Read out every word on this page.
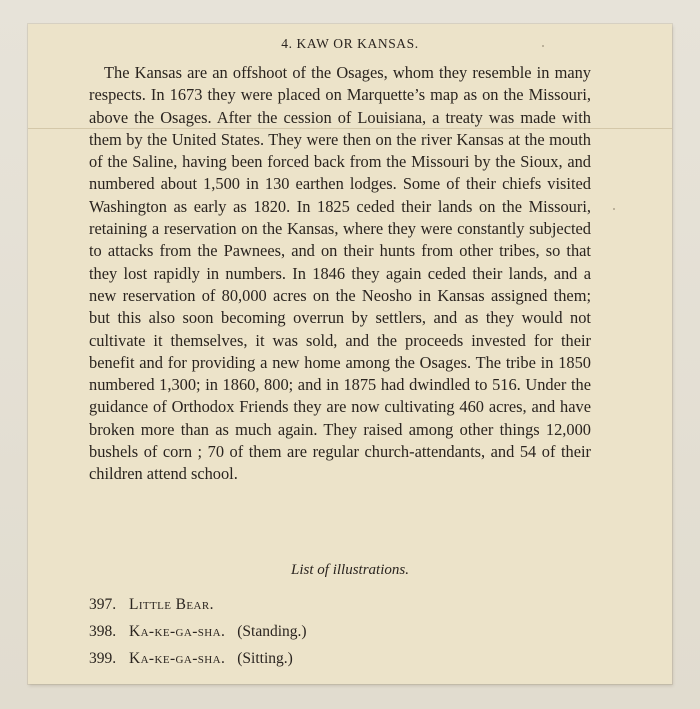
4. KAW OR KANSAS.

The Kansas are an offshoot of the Osages, whom they resemble in many respects. In 1673 they were placed on Marquette’s map as on the Missouri, above the Osages. After the cession of Louisiana, a treaty was made with them by the United States. They were then on the river Kansas at the mouth of the Saline, having been forced back from the Missouri by the Sioux, and numbered about 1,500 in 130 earthen lodges. Some of their chiefs visited Washington as early as 1820. In 1825 ceded their lands on the Missouri, retaining a reservation on the Kansas, where they were constantly subjected to attacks from the Pawnees, and on their hunts from other tribes, so that they lost rapidly in numbers. In 1846 they again ceded their lands, and a new reservation of 80,000 acres on the Neosho in Kansas assigned them; but this also soon becoming overrun by settlers, and as they would not cultivate it themselves, it was sold, and the proceeds invested for their benefit and for providing a new home among the Osages. The tribe in 1850 numbered 1,300; in 1860, 800; and in 1875 had dwindled to 516. Under the guidance of Orthodox Friends they are now cultivating 460 acres, and have broken more than as much again. They raised among other things 12,000 bushels of corn ; 70 of them are regular church-attendants, and 54 of their children attend school.

List of illustrations.
397. Little Bear.
398. Ka-ke-ga-sha. (Standing.)
399. Ka-ke-ga-sha. (Sitting.)
